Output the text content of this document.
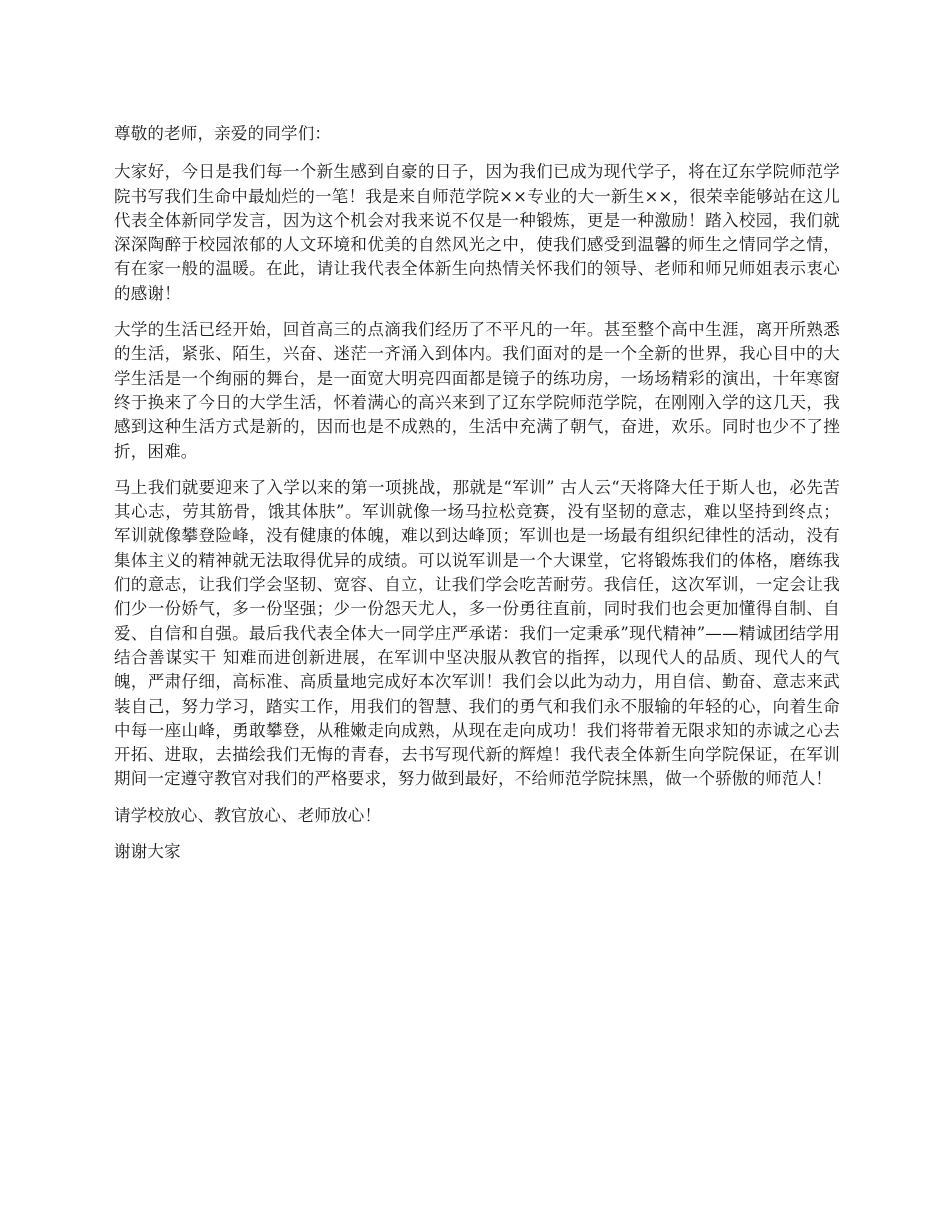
尊敬的老师，亲爱的同学们：

大家好，今日是我们每一个新生感到自豪的日子，因为我们已成为现代学子，将在辽东学院师范学院书写我们生命中最灿烂的一笔！我是来自师范学院××专业的大一新生××，很荣幸能够站在这儿代表全体新同学发言，因为这个机会对我来说不仅是一种锻炼，更是一种激励！踏入校园，我们就深深陶醉于校园浓郁的人文环境和优美的自然风光之中，使我们感受到温馨的师生之情同学之情，有在家一般的温暖。在此，请让我代表全体新生向热情关怀我们的领导、老师和师兄师姐表示衷心的感谢！

大学的生活已经开始，回首高三的点滴我们经历了不平凡的一年。甚至整个高中生涯，离开所熟悉的生活，紧张、陌生，兴奋、迷茫一齐涌入到体内。我们面对的是一个全新的世界，我心目中的大学生活是一个绚丽的舞台，是一面宽大明亮四面都是镜子的练功房，一场场精彩的演出，十年寒窗终于换来了今日的大学生活，怀着满心的高兴来到了辽东学院师范学院，在刚刚入学的这几天，我感到这种生活方式是新的，因而也是不成熟的，生活中充满了朝气，奋进，欢乐。同时也少不了挫折，困难。

马上我们就要迎来了入学以来的第一项挑战，那就是“军训” 古人云“天将降大任于斯人也，必先苦其心志，劳其筋骨，饿其体肤”。军训就像一场马拉松竞赛，没有坚韧的意志，难以坚持到终点；军训就像攀登险峰，没有健康的体魄，难以到达峰顶；军训也是一场最有组织纪律性的活动，没有集体主义的精神就无法取得优异的成绩。可以说军训是一个大课堂，它将锻炼我们的体格，磨练我们的意志，让我们学会坚韧、宽容、自立，让我们学会吃苦耐劳。我信任，这次军训，一定会让我们少一份娇气，多一份坚强；少一份怨天尤人，多一份勇往直前，同时我们也会更加懂得自制、自爱、自信和自强。最后我代表全体大一同学庄严承诺：我们一定秉承”现代精神”——精诚团结学用结合善谋实干 知难而进创新进展，在军训中坚决服从教官的指挥，以现代人的品质、现代人的气魄，严肃仔细，高标准、高质量地完成好本次军训！我们会以此为动力，用自信、勤奋、意志来武装自己，努力学习，踏实工作，用我们的智慧、我们的勇气和我们永不服输的年轻的心，向着生命中每一座山峰，勇敢攀登，从稚嫩走向成熟，从现在走向成功！我们将带着无限求知的赤诚之心去开拓、进取，去描绘我们无悔的青春，去书写现代新的辉煌！我代表全体新生向学院保证，在军训期间一定遵守教官对我们的严格要求，努力做到最好，不给师范学院抹黑，做一个骄傲的师范人！

请学校放心、教官放心、老师放心！

谢谢大家
